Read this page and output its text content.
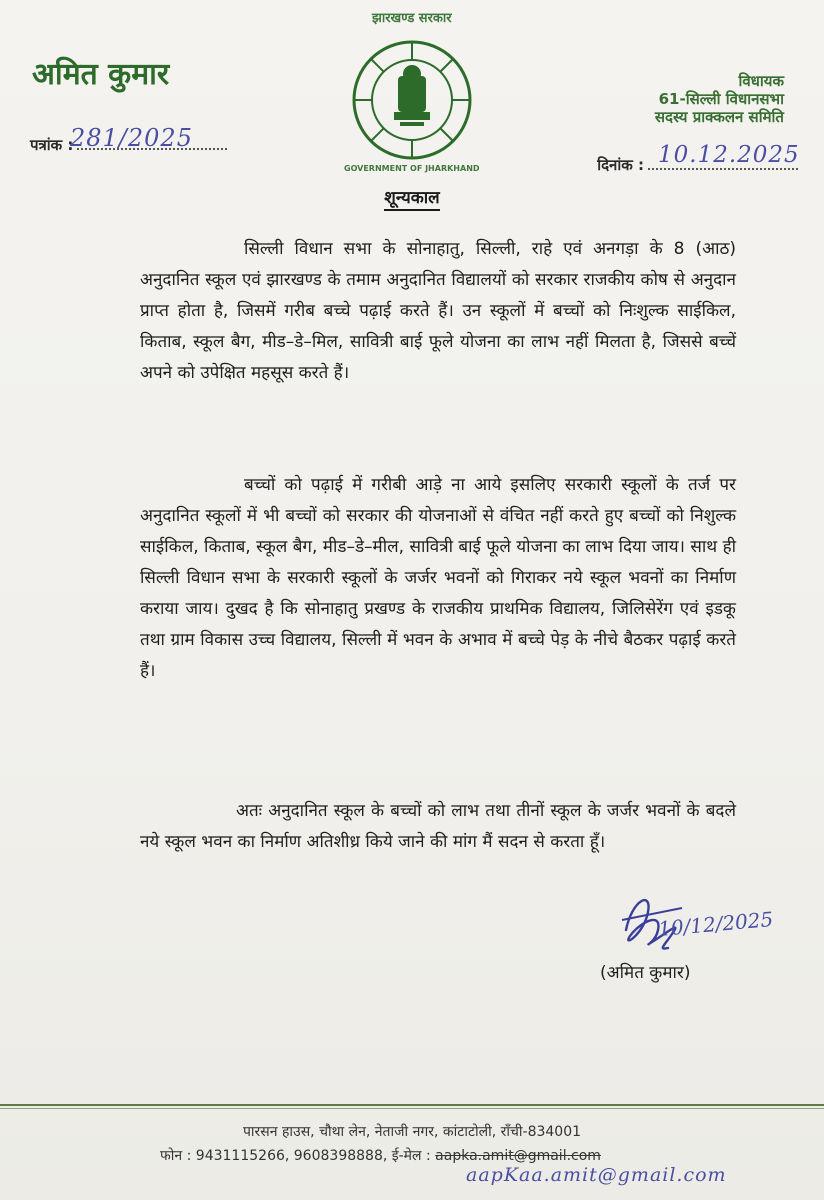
अमित कुमार
झारखण्ड सरकार
GOVERNMENT OF JHARKHAND
विधायक
61-सिल्ली विधानसभा
सदस्य प्राक्कलन समिति
पत्रांक :
281/2025
दिनांक : 10.12.2025
शून्यकाल
सिल्ली विधान सभा के सोनाहातु, सिल्ली, राहे एवं अनगड़ा के 8 (आठ) अनुदानित स्कूल एवं झारखण्ड के तमाम अनुदानित विद्यालयों को सरकार राजकीय कोष से अनुदान प्राप्त होता है, जिसमें गरीब बच्चे पढ़ाई करते हैं। उन स्कूलों में बच्चों को निःशुल्क साईकिल, किताब, स्कूल बैग, मीड–डे–मिल, सावित्री बाई फूले योजना का लाभ नहीं मिलता है, जिससे बच्चें अपने को उपेक्षित महसूस करते हैं।
बच्चों को पढ़ाई में गरीबी आड़े ना आये इसलिए सरकारी स्कूलों के तर्ज पर अनुदानित स्कूलों में भी बच्चों को सरकार की योजनाओं से वंचित नहीं करते हुए बच्चों को निशुल्क साईकिल, किताब, स्कूल बैग, मीड–डे–मील, सावित्री बाई फूले योजना का लाभ दिया जाय। साथ ही सिल्ली विधान सभा के सरकारी स्कूलों के जर्जर भवनों को गिराकर नये स्कूल भवनों का निर्माण कराया जाय। दुखद है कि सोनाहातु प्रखण्ड के राजकीय प्राथमिक विद्यालय, जिलिसेरेंग एवं इडकू तथा ग्राम विकास उच्च विद्यालय, सिल्ली में भवन के अभाव में बच्चे पेड़ के नीचे बैठकर पढ़ाई करते हैं।
अतः अनुदानित स्कूल के बच्चों को लाभ तथा तीनों स्कूल के जर्जर भवनों के बदले नये स्कूल भवन का निर्माण अतिशीध्र किये जाने की मांग मैं सदन से करता हूँ।
10/12/2025
(अमित कुमार)
पारसन हाउस, चौथा लेन, नेताजी नगर, कांटाटोली, राँची-834001
फोन : 9431115266, 9608398888, ई-मेल : aapka.amit@gmail.com
aapKaa.amit@gmail.com
